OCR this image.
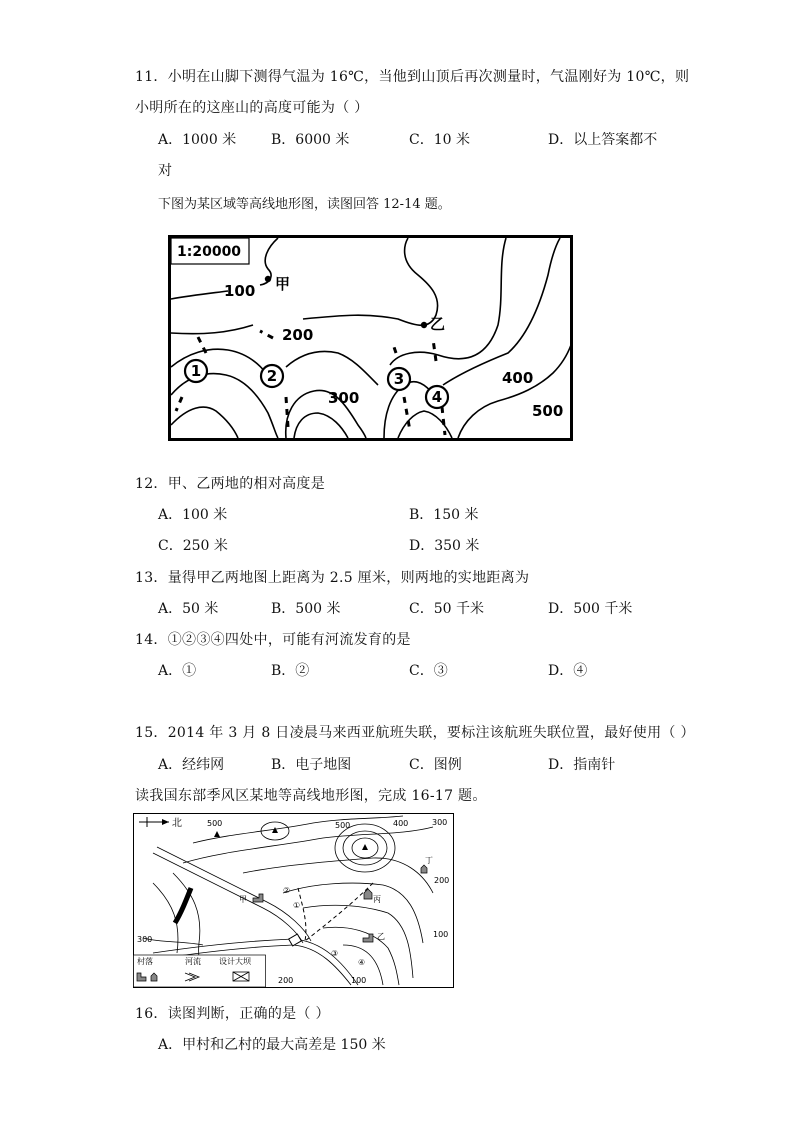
11．小明在山脚下测得气温为 16℃，当他到山顶后再次测量时，气温刚好为 10℃，则
小明所在的这座山的高度可能为（ ）
A．1000 米 B．6000 米	C．10 米	D．以上答案都不
对
下图为某区域等高线地形图，读图回答 12-14 题。
1:20000
甲
乙
100
200
300
400
500
1	2	3
4
12．甲、乙两地的相对高度是
A．100 米	B．150 米
C．250 米	D．350 米
13．量得甲乙两地图上距离为 2.5 厘米，则两地的实地距离为
A．50 米	B．500 米	C．50 千米	D．500 千米
14．①②③④四处中，可能有河流发育的是
A．①	B．②	C．③	D．④
15．2014 年 3 月 8 日凌晨马来西亚航班失联，要标注该航班失联位置，最好使用（ ）
A．经纬网	B．电子地图	C．图例	D．指南针
读我国东部季风区某地等高线地形图，完成 16-17 题。
北
甲
乙
丙
丁
500	500	400	300
300
200
200
100
100
①
②
③
④
村落	河流 设计大坝
16．读图判断，正确的是（ ）
A．甲村和乙村的最大高差是 150 米
